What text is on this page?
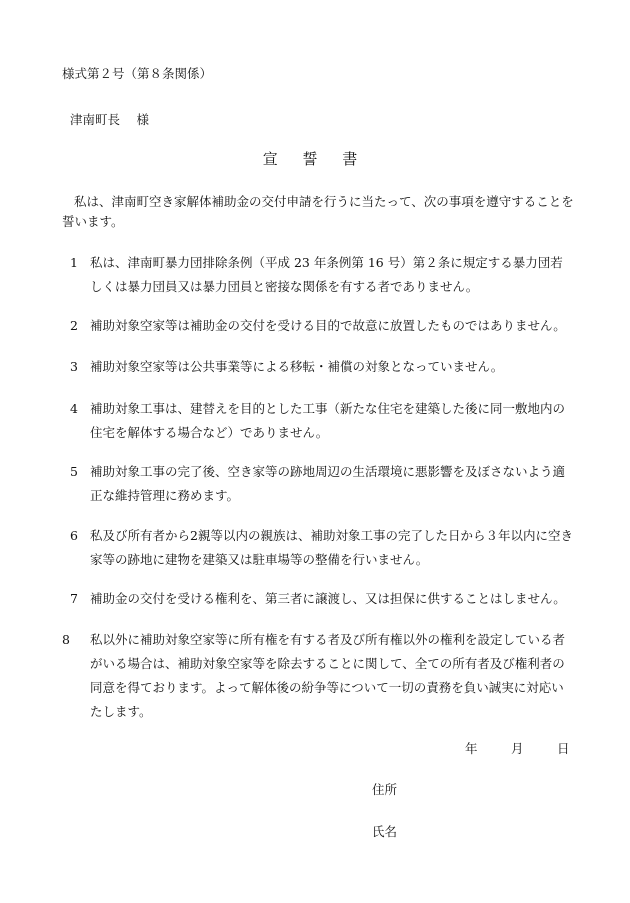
様式第２号（第８条関係）
津南町長　 様
宣 誓 書
私は、津南町空き家解体補助金の交付申請を行うに当たって、次の事項を遵守することを誓います。
1 私は、津南町暴力団排除条例（平成 23 年条例第 16 号）第２条に規定する暴力団若しくは暴力団員又は暴力団員と密接な関係を有する者でありません。
2 補助対象空家等は補助金の交付を受ける目的で故意に放置したものではありません。
3 補助対象空家等は公共事業等による移転・補償の対象となっていません。
4 補助対象工事は、建替えを目的とした工事（新たな住宅を建築した後に同一敷地内の住宅を解体する場合など）でありません。
5 補助対象工事の完了後、空き家等の跡地周辺の生活環境に悪影響を及ぼさないよう適正な維持管理に務めます。
6 私及び所有者から2親等以内の親族は、補助対象工事の完了した日から３年以内に空き家等の跡地に建物を建築又は駐車場等の整備を行いません。
7 補助金の交付を受ける権利を、第三者に譲渡し、又は担保に供することはしません。
8	私以外に補助対象空家等に所有権を有する者及び所有権以外の権利を設定している者がいる場合は、補助対象空家等を除去することに関して、全ての所有者及び権利者の同意を得ております。よって解体後の紛争等について一切の責務を負い誠実に対応いたします。
年	月	日
住所
氏名
